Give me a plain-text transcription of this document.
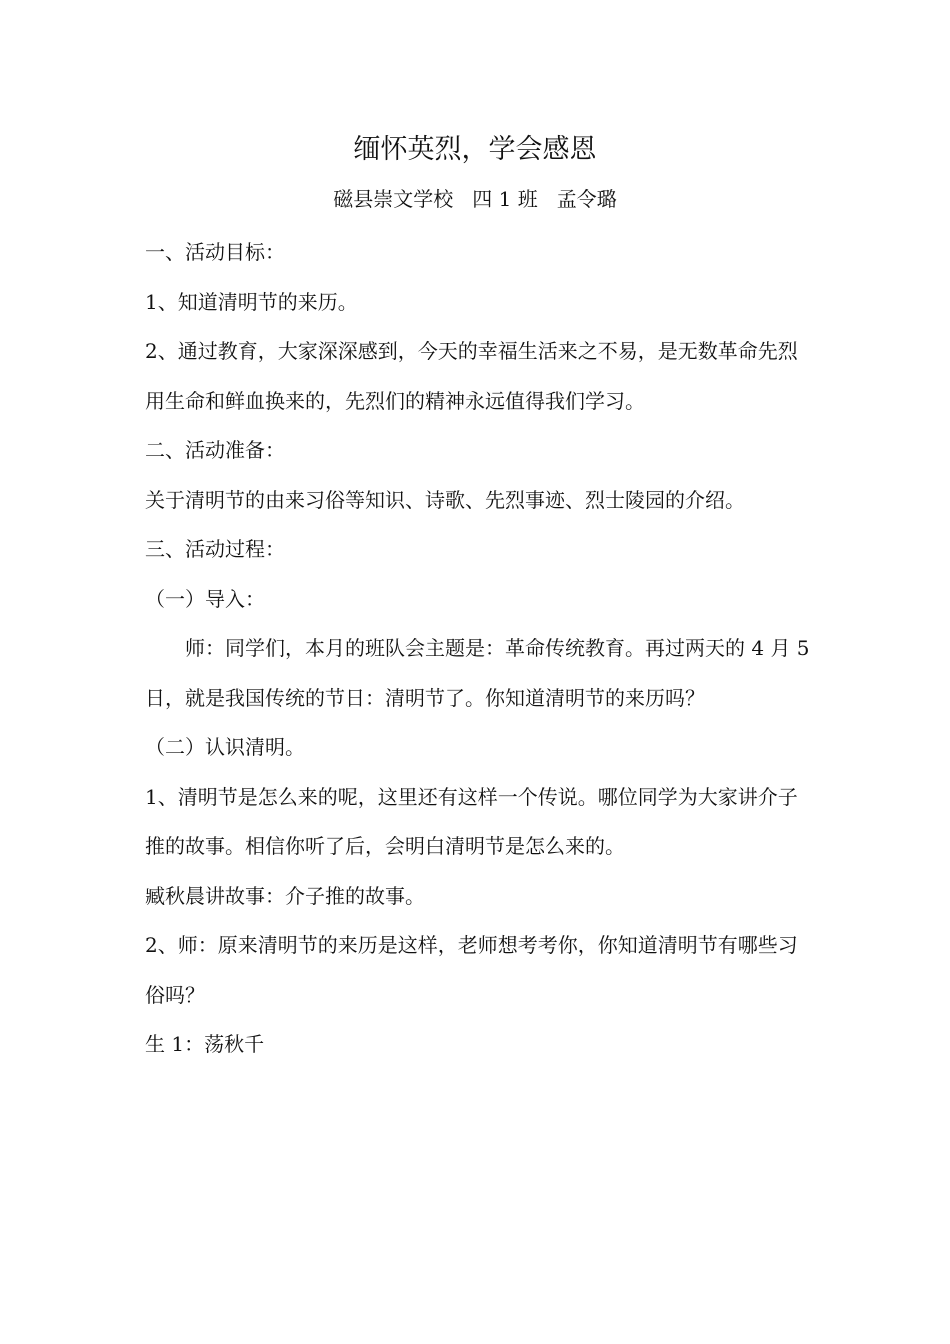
缅怀英烈，学会感恩
磁县崇文学校   四 1 班   孟令璐

一、活动目标：

1、知道清明节的来历。

2、通过教育，大家深深感到，今天的幸福生活来之不易，是无数革命先烈用生命和鲜血换来的，先烈们的精神永远值得我们学习。

二、活动准备：

关于清明节的由来习俗等知识、诗歌、先烈事迹、烈士陵园的介绍。

三、活动过程：

（一）导入：

师：同学们，本月的班队会主题是：革命传统教育。再过两天的 4 月 5 日，就是我国传统的节日：清明节了。你知道清明节的来历吗？

（二）认识清明。

1、清明节是怎么来的呢，这里还有这样一个传说。哪位同学为大家讲介子推的故事。相信你听了后，会明白清明节是怎么来的。

臧秋晨讲故事：介子推的故事。

2、师：原来清明节的来历是这样，老师想考考你，你知道清明节有哪些习俗吗？

生 1：荡秋千
